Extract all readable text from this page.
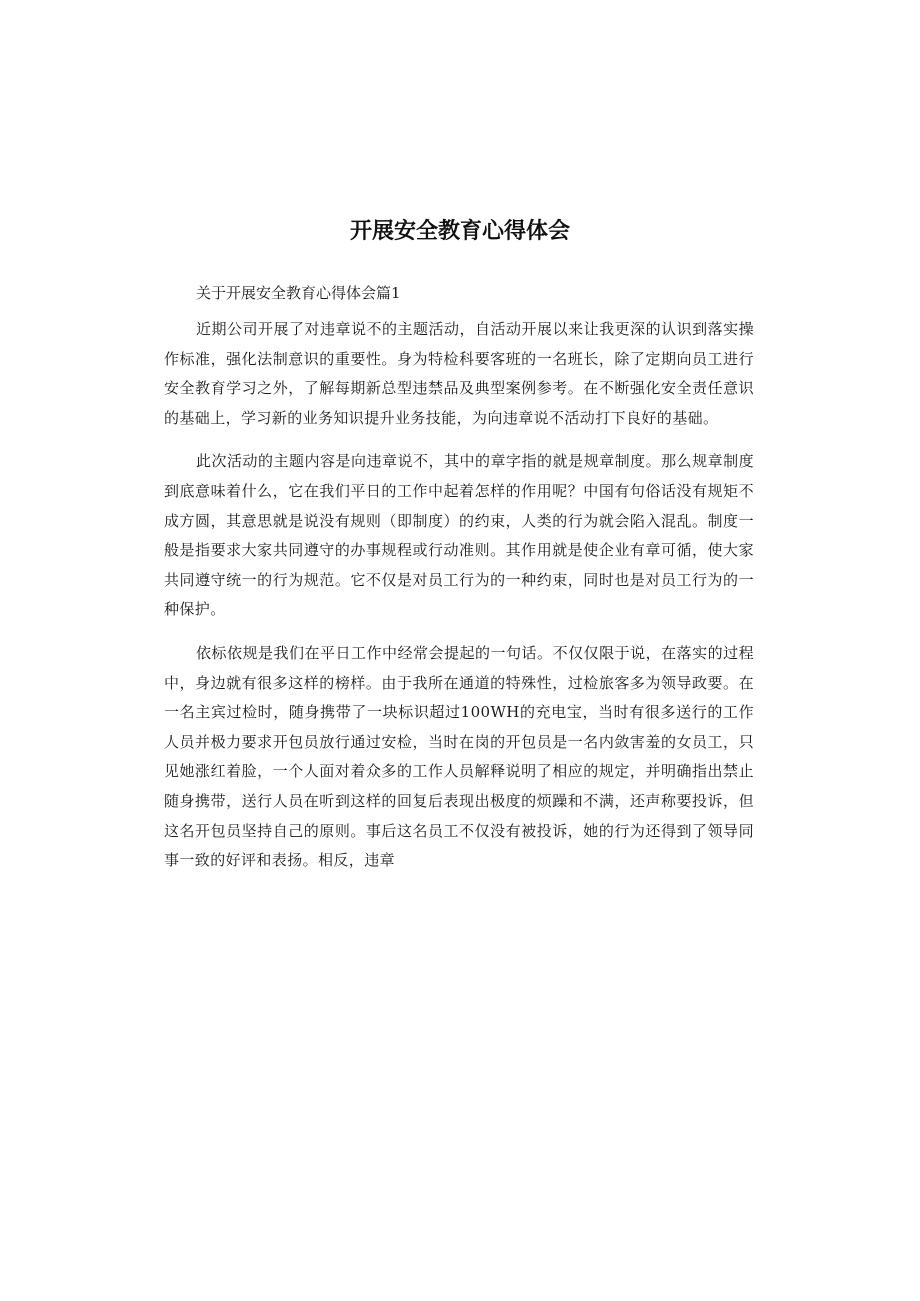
开展安全教育心得体会

关于开展安全教育心得体会篇1

近期公司开展了对违章说不的主题活动，自活动开展以来让我更深的认识到落实操作标准，强化法制意识的重要性。身为特检科要客班的一名班长，除了定期向员工进行安全教育学习之外，了解每期新总型违禁品及典型案例参考。在不断强化安全责任意识的基础上，学习新的业务知识提升业务技能，为向违章说不活动打下良好的基础。

此次活动的主题内容是向违章说不，其中的章字指的就是规章制度。那么规章制度到底意味着什么，它在我们平日的工作中起着怎样的作用呢？中国有句俗话没有规矩不成方圆，其意思就是说没有规则（即制度）的约束，人类的行为就会陷入混乱。制度一般是指要求大家共同遵守的办事规程或行动准则。其作用就是使企业有章可循，使大家共同遵守统一的行为规范。它不仅是对员工行为的一种约束，同时也是对员工行为的一种保护。

依标依规是我们在平日工作中经常会提起的一句话。不仅仅限于说，在落实的过程中，身边就有很多这样的榜样。由于我所在通道的特殊性，过检旅客多为领导政要。在一名主宾过检时，随身携带了一块标识超过100WH的充电宝，当时有很多送行的工作人员并极力要求开包员放行通过安检，当时在岗的开包员是一名内敛害羞的女员工，只见她涨红着脸，一个人面对着众多的工作人员解释说明了相应的规定，并明确指出禁止随身携带，送行人员在听到这样的回复后表现出极度的烦躁和不满，还声称要投诉，但这名开包员坚持自己的原则。事后这名员工不仅没有被投诉，她的行为还得到了领导同事一致的好评和表扬。相反，违章
